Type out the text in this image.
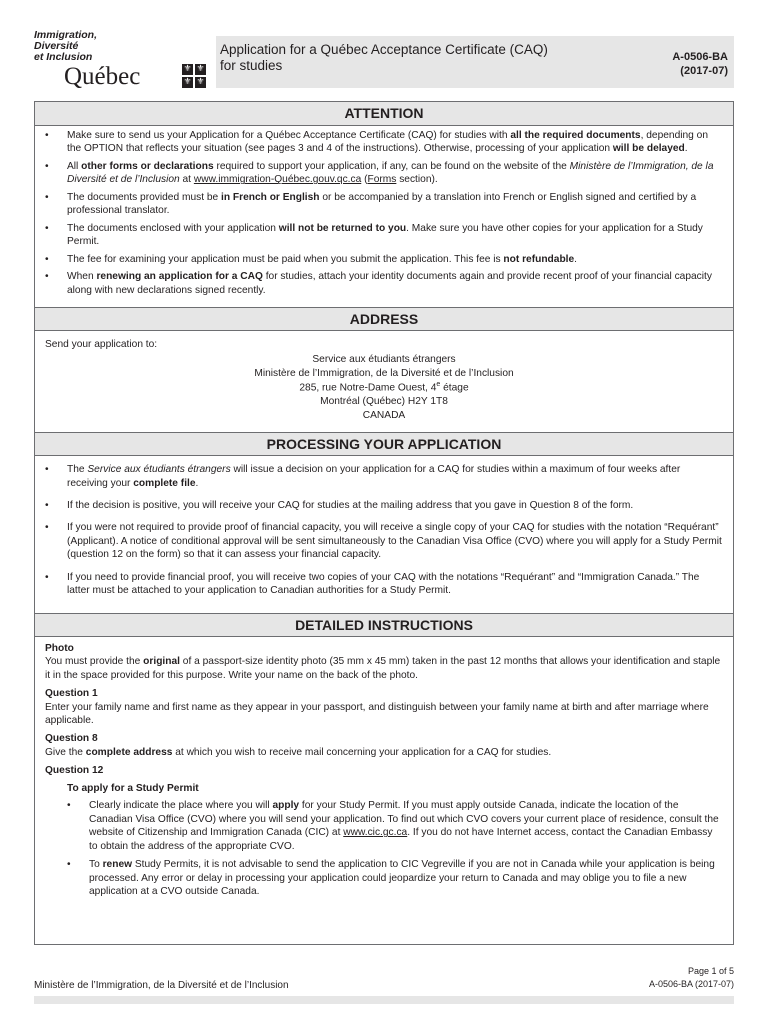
Immigration,
Diversité
et Inclusion
Québec	⚜ ⚜
⚜ ⚜
Application for a Québec Acceptance Certificate (CAQ)
for studies
A-0506-BA
(2017-07)
ATTENTION
• Make sure to send us your Application for a Québec Acceptance Certificate (CAQ) for studies with all the required documents, depending on the OPTION that reflects your situation (see pages 3 and 4 of the instructions). Otherwise, processing of your application will be delayed.
• All other forms or declarations required to support your application, if any, can be found on the website of the Ministère de l’Immigration, de la Diversité et de l’Inclusion at www.immigration-Québec.gouv.qc.ca (Forms section).
• The documents provided must be in French or English or be accompanied by a translation into French or English signed and certified by a professional translator.
• The documents enclosed with your application will not be returned to you. Make sure you have other copies for your application for a Study Permit.
• The fee for examining your application must be paid when you submit the application. This fee is not refundable.
• When renewing an application for a CAQ for studies, attach your identity documents again and provide recent proof of your financial capacity along with new declarations signed recently.
ADDRESS
Send your application to:
Service aux étudiants étrangers
Ministère de l’Immigration, de la Diversité et de l’Inclusion
285, rue Notre-Dame Ouest, 4e étage
Montréal (Québec) H2Y 1T8
CANADA
PROCESSING YOUR APPLICATION
• The Service aux étudiants étrangers will issue a decision on your application for a CAQ for studies within a maximum of four weeks after receiving your complete file.
• If the decision is positive, you will receive your CAQ for studies at the mailing address that you gave in Question 8 of the form.
• If you were not required to provide proof of financial capacity, you will receive a single copy of your CAQ for studies with the notation “Requérant” (Applicant). A notice of conditional approval will be sent simultaneously to the Canadian Visa Office (CVO) where you will apply for a Study Permit (question 12 on the form) so that it can assess your financial capacity.
• If you need to provide financial proof, you will receive two copies of your CAQ with the notations “Requérant” and “Immigration Canada.” The latter must be attached to your application to Canadian authorities for a Study Permit.
DETAILED INSTRUCTIONS
Photo
You must provide the original of a passport-size identity photo (35 mm x 45 mm) taken in the past 12 months that allows your identification and staple it in the space provided for this purpose. Write your name on the back of the photo.
Question 1
Enter your family name and first name as they appear in your passport, and distinguish between your family name at birth and after marriage where applicable.
Question 8
Give the complete address at which you wish to receive mail concerning your application for a CAQ for studies.
Question 12
To apply for a Study Permit
• Clearly indicate the place where you will apply for your Study Permit. If you must apply outside Canada, indicate the location of the Canadian Visa Office (CVO) where you will send your application. To find out which CVO covers your current place of residence, consult the website of Citizenship and Immigration Canada (CIC) at www.cic.gc.ca. If you do not have Internet access, contact the Canadian Embassy to obtain the address of the appropriate CVO.
• To renew Study Permits, it is not advisable to send the application to CIC Vegreville if you are not in Canada while your application is being processed. Any error or delay in processing your application could jeopardize your return to Canada and may oblige you to file a new application at a CVO outside Canada.
Ministère de l’Immigration, de la Diversité et de l’Inclusion
Page 1 of 5
A-0506-BA (2017-07)
